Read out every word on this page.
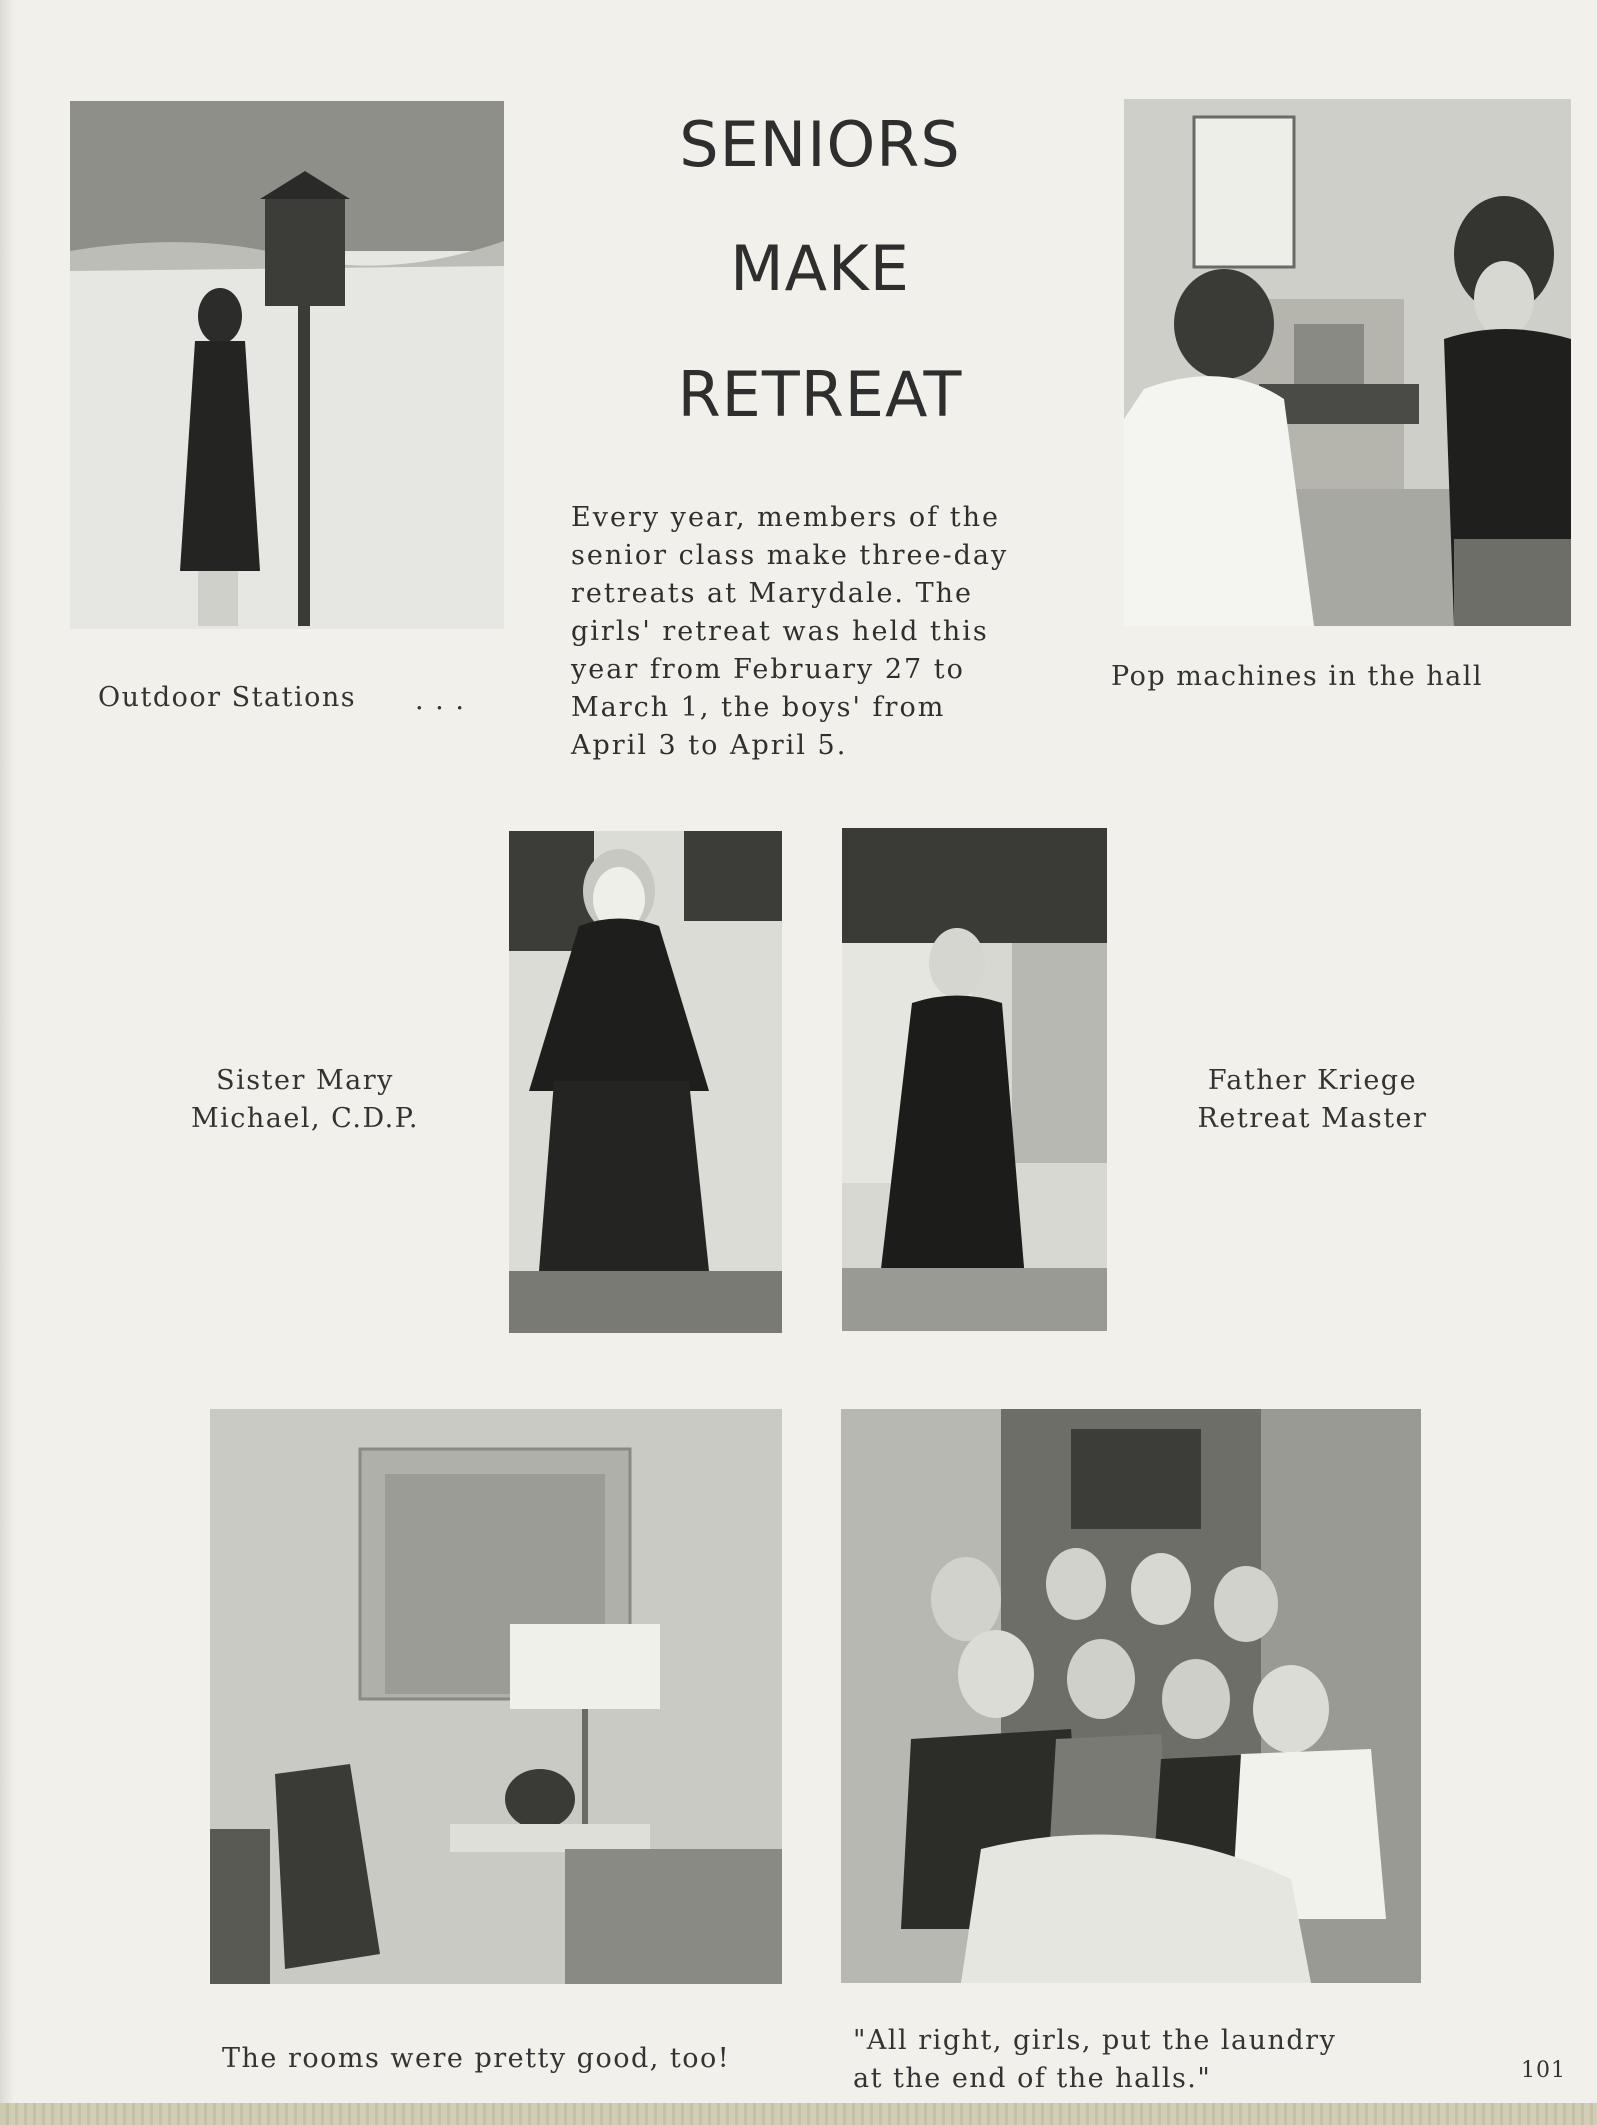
SENIORS
MAKE
RETREAT
Every year, members of the
senior class make three-day
retreats at Marydale. The
girls' retreat was held this
year from February 27 to
March 1, the boys' from
April 3 to April 5.
Outdoor Stations . . .
Pop machines in the hall
Sister Mary
Michael, C.D.P.
Father Kriege
Retreat Master
The rooms were pretty good, too!
"All right, girls, put the laundry
at the end of the halls."	101
